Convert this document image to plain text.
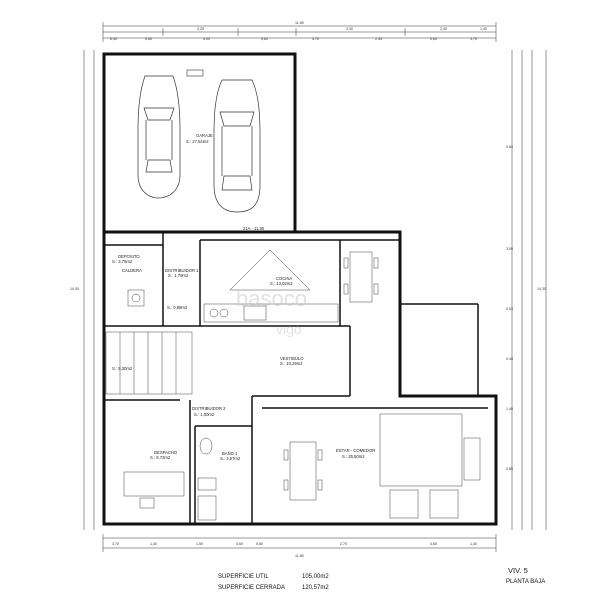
11,80
3,25	3,30	2,40	1,40
6,40	0,60	3,00	0,60	3,70	2,44	0,60	3,70
0,64
3,00
0,53
0,40
1,40
0,85
14,30
14,30
3,70	1,40	1,50	0,60	0,60	2,70	0,60	1,40
11,80
GARAJE
S.: 27,54m2
21A - 11.30
DEPOSITO
S.: 3,75m2
CALDERA	DISTRIBUIDOR 1
S.: 1,79m2
COCINA
S.: 13,02m2
S.: 0,88m2
S.: 5,30m2
VESTIBULO
S.: 10,29m2
DISTRIBUIDOR 2
S.: 1,00m2
DESPACHO
S.: 9,72m2
BAÑO 1
S.: 3,57m2
ESTAR - COMEDOR
S.: 25,50m2
basoco
vigo
VIV. 5
PLANTA BAJA
SUPERFICIE UTIL	105,00m2
SUPERFICIE CERRADA	120,57m2
